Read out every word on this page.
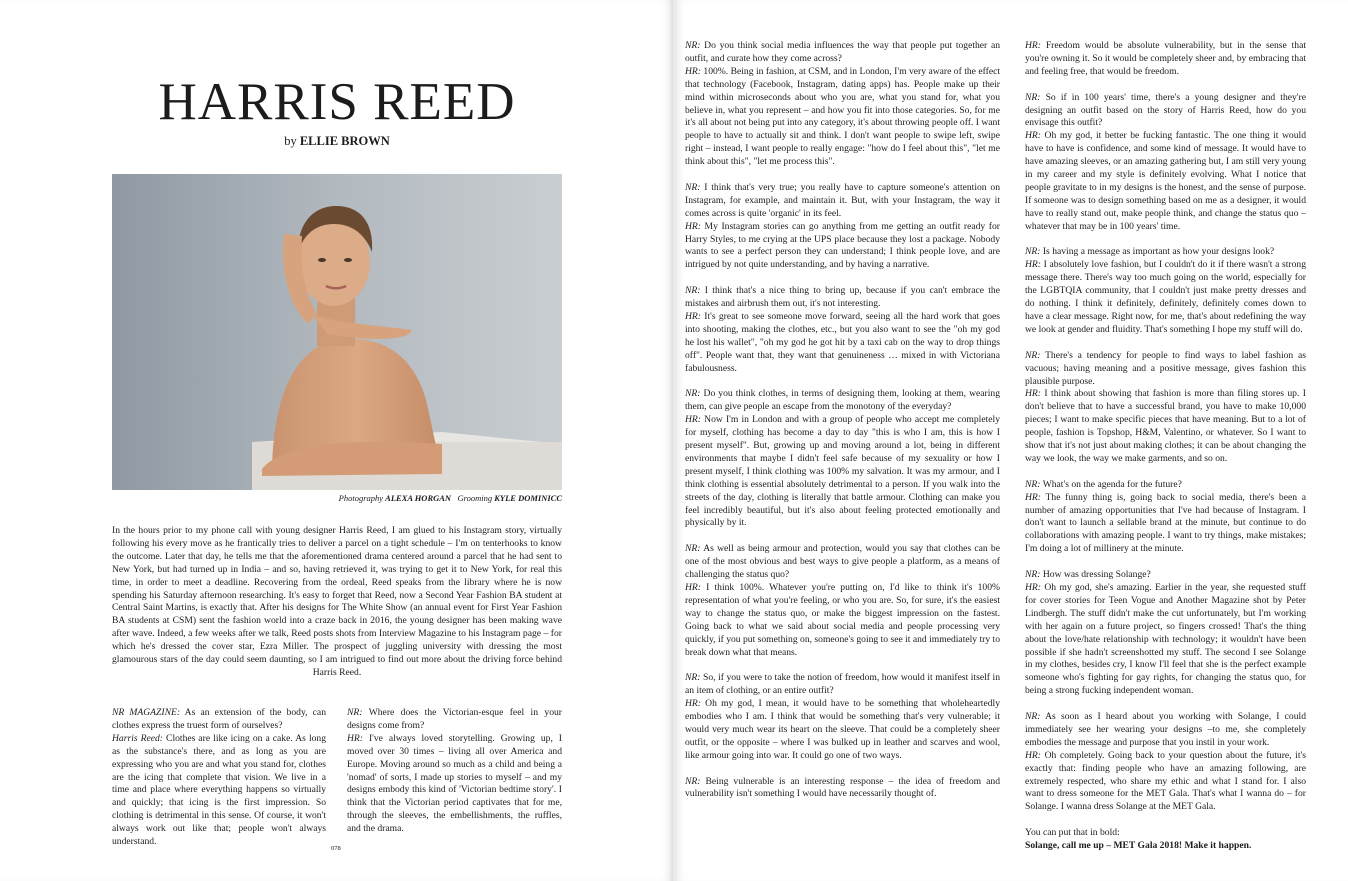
HARRIS REED

by ELLIE BROWN

Photography ALEXA HORGAN Grooming KYLE DOMINICC

In the hours prior to my phone call with young designer Harris Reed, I am glued to his Instagram story, virtually following his every move as he frantically tries to deliver a parcel on a tight schedule – I'm on tenterhooks to know the outcome. Later that day, he tells me that the aforementioned drama centered around a parcel that he had sent to New York, but had turned up in India – and so, having retrieved it, was trying to get it to New York, for real this time, in order to meet a deadline. Recovering from the ordeal, Reed speaks from the library where he is now spending his Saturday afternoon researching. It's easy to forget that Reed, now a Second Year Fashion BA student at Central Saint Martins, is exactly that. After his designs for The White Show (an annual event for First Year Fashion BA students at CSM) sent the fashion world into a craze back in 2016, the young designer has been making wave after wave. Indeed, a few weeks after we talk, Reed posts shots from Interview Magazine to his Instagram page – for which he's dressed the cover star, Ezra Miller. The prospect of juggling university with dressing the most glamourous stars of the day could seem daunting, so I am intrigued to find out more about the driving force behind Harris Reed.

NR MAGAZINE: As an extension of the body, can clothes express the truest form of ourselves?
Harris Reed: Clothes are like icing on a cake. As long as the substance's there, and as long as you are expressing who you are and what you stand for, clothes are the icing that complete that vision. We live in a time and place where everything happens so virtually and quickly; that icing is the first impression. So clothing is detrimental in this sense. Of course, it won't always work out like that; people won't always understand.

NR: Where does the Victorian-esque feel in your designs come from?
HR: I've always loved storytelling. Growing up, I moved over 30 times – living all over America and Europe. Moving around so much as a child and being a 'nomad' of sorts, I made up stories to myself – and my designs embody this kind of 'Victorian bedtime story'. I think that the Victorian period captivates that for me, through the sleeves, the embellishments, the ruffles, and the drama.

078

NR: Do you think social media influences the way that people put together an outfit, and curate how they come across?
HR: 100%. Being in fashion, at CSM, and in London, I'm very aware of the effect that technology (Facebook, Instagram, dating apps) has. People make up their mind within microseconds about who you are, what you stand for, what you believe in, what you represent – and how you fit into those categories. So, for me it's all about not being put into any category, it's about throwing people off. I want people to have to actually sit and think. I don't want people to swipe left, swipe right – instead, I want people to really engage: "how do I feel about this", "let me think about this", "let me process this".

NR: I think that's very true; you really have to capture someone's attention on Instagram, for example, and maintain it. But, with your Instagram, the way it comes across is quite 'organic' in its feel.
HR: My Instagram stories can go anything from me getting an outfit ready for Harry Styles, to me crying at the UPS place because they lost a package. Nobody wants to see a perfect person they can understand; I think people love, and are intrigued by not quite understanding, and by having a narrative.

NR: I think that's a nice thing to bring up, because if you can't embrace the mistakes and airbrush them out, it's not interesting.
HR: It's great to see someone move forward, seeing all the hard work that goes into shooting, making the clothes, etc., but you also want to see the "oh my god he lost his wallet", "oh my god he got hit by a taxi cab on the way to drop things off". People want that, they want that genuineness … mixed in with Victoriana fabulousness.

NR: Do you think clothes, in terms of designing them, looking at them, wearing them, can give people an escape from the monotony of the everyday?
HR: Now I'm in London and with a group of people who accept me completely for myself, clothing has become a day to day "this is who I am, this is how I present myself". But, growing up and moving around a lot, being in different environments that maybe I didn't feel safe because of my sexuality or how I present myself, I think clothing was 100% my salvation. It was my armour, and I think clothing is essential absolutely detrimental to a person. If you walk into the streets of the day, clothing is literally that battle armour. Clothing can make you feel incredibly beautiful, but it's also about feeling protected emotionally and physically by it.

NR: As well as being armour and protection, would you say that clothes can be one of the most obvious and best ways to give people a platform, as a means of challenging the status quo?
HR: I think 100%. Whatever you're putting on, I'd like to think it's 100% representation of what you're feeling, or who you are. So, for sure, it's the easiest way to change the status quo, or make the biggest impression on the fastest. Going back to what we said about social media and people processing very quickly, if you put something on, someone's going to see it and immediately try to break down what that means.

NR: So, if you were to take the notion of freedom, how would it manifest itself in an item of clothing, or an entire outfit?
HR: Oh my god, I mean, it would have to be something that wholeheartedly embodies who I am. I think that would be something that's very vulnerable; it would very much wear its heart on the sleeve. That could be a completely sheer outfit, or the opposite – where I was bulked up in leather and scarves and wool, like armour going into war. It could go one of two ways.

NR: Being vulnerable is an interesting response – the idea of freedom and vulnerability isn't something I would have necessarily thought of.

HR: Freedom would be absolute vulnerability, but in the sense that you're owning it. So it would be completely sheer and, by embracing that and feeling free, that would be freedom.

NR: So if in 100 years' time, there's a young designer and they're designing an outfit based on the story of Harris Reed, how do you envisage this outfit?
HR: Oh my god, it better be fucking fantastic. The one thing it would have to have is confidence, and some kind of message. It would have to have amazing sleeves, or an amazing gathering but, I am still very young in my career and my style is definitely evolving. What I notice that people gravitate to in my designs is the honest, and the sense of purpose. If someone was to design something based on me as a designer, it would have to really stand out, make people think, and change the status quo – whatever that may be in 100 years' time.

NR: Is having a message as important as how your designs look?
HR: I absolutely love fashion, but I couldn't do it if there wasn't a strong message there. There's way too much going on the world, especially for the LGBTQIA community, that I couldn't just make pretty dresses and do nothing. I think it definitely, definitely, definitely comes down to have a clear message. Right now, for me, that's about redefining the way we look at gender and fluidity. That's something I hope my stuff will do.

NR: There's a tendency for people to find ways to label fashion as vacuous; having meaning and a positive message, gives fashion this plausible purpose.
HR: I think about showing that fashion is more than filing stores up. I don't believe that to have a successful brand, you have to make 10,000 pieces; I want to make specific pieces that have meaning. But to a lot of people, fashion is Topshop, H&M, Valentino, or whatever. So I want to show that it's not just about making clothes; it can be about changing the way we look, the way we make garments, and so on.

NR: What's on the agenda for the future?
HR: The funny thing is, going back to social media, there's been a number of amazing opportunities that I've had because of Instagram. I don't want to launch a sellable brand at the minute, but continue to do collaborations with amazing people. I want to try things, make mistakes; I'm doing a lot of millinery at the minute.

NR: How was dressing Solange?
HR: Oh my god, she's amazing. Earlier in the year, she requested stuff for cover stories for Teen Vogue and Another Magazine shot by Peter Lindbergh. The stuff didn't make the cut unfortunately, but I'm working with her again on a future project, so fingers crossed! That's the thing about the love/hate relationship with technology; it wouldn't have been possible if she hadn't screenshotted my stuff. The second I see Solange in my clothes, besides cry, I know I'll feel that she is the perfect example someone who's fighting for gay rights, for changing the status quo, for being a strong fucking independent woman.

NR: As soon as I heard about you working with Solange, I could immediately see her wearing your designs –to me, she completely embodies the message and purpose that you instil in your work.
HR: Oh completely. Going back to your question about the future, it's exactly that: finding people who have an amazing following, are extremely respected, who share my ethic and what I stand for. I also want to dress someone for the MET Gala. That's what I wanna do – for Solange. I wanna dress Solange at the MET Gala.

You can put that in bold:

Solange, call me up – MET Gala 2018! Make it happen.
